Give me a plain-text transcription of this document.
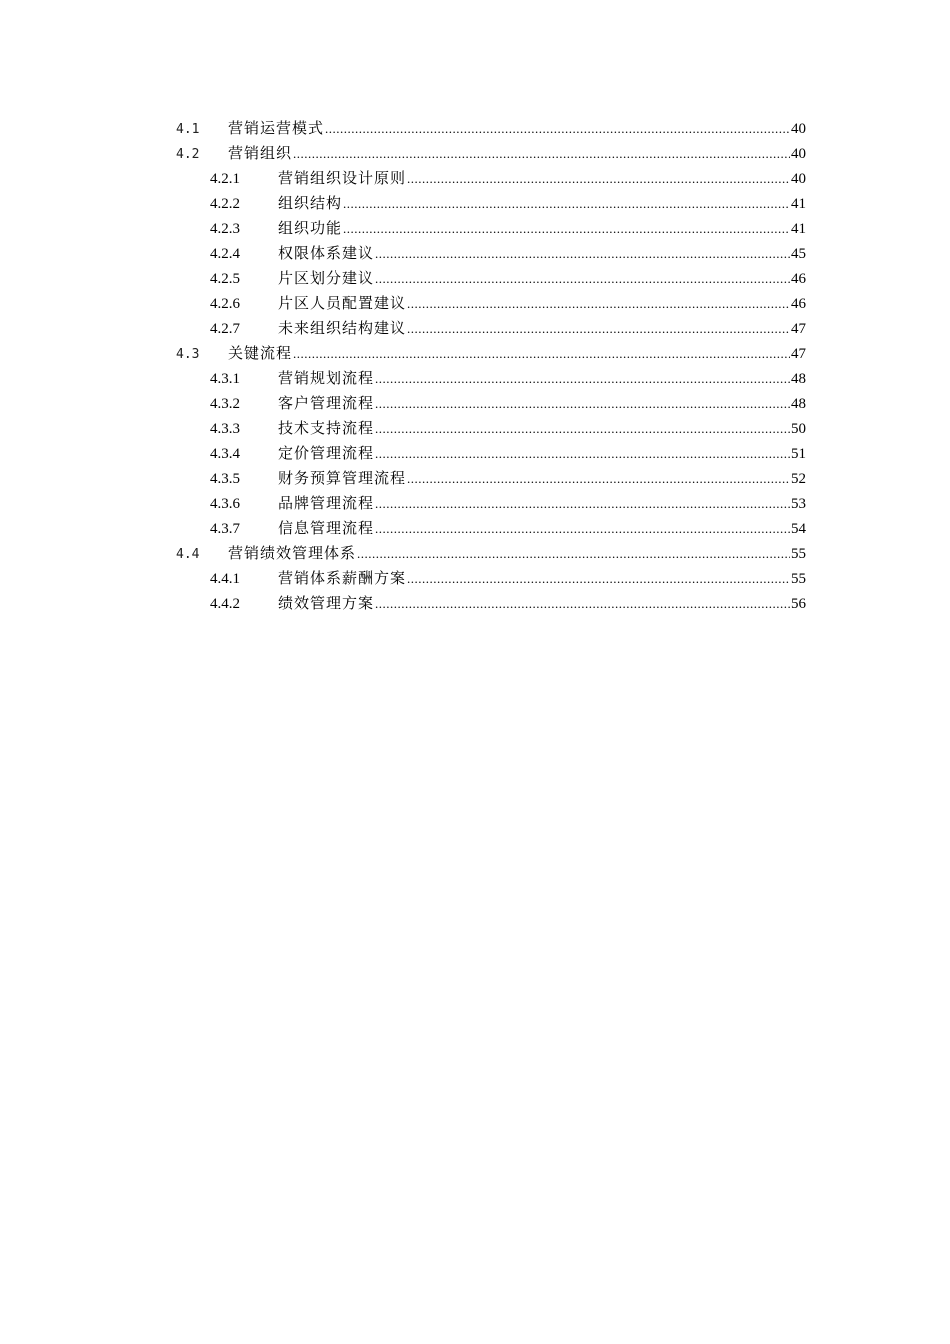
4.1	营销运营模式 .....	40
4.2	营销组织 .....	40
4.2.1	营销组织设计原则 .....	40
4.2.2	组织结构 .....	41
4.2.3	组织功能 .....	41
4.2.4	权限体系建议 .....	45
4.2.5	片区划分建议 .....	46
4.2.6	片区人员配置建议 .....	46
4.2.7	未来组织结构建议 .....	47
4.3	关键流程 .....	47
4.3.1	营销规划流程 .....	48
4.3.2	客户管理流程 .....	48
4.3.3	技术支持流程 .....	50
4.3.4	定价管理流程 .....	51
4.3.5	财务预算管理流程 .....	52
4.3.6	品牌管理流程 .....	53
4.3.7	信息管理流程 .....	54
4.4	营销绩效管理体系 .....	55
4.4.1	营销体系薪酬方案 .....	55
4.4.2	绩效管理方案 .....	56
